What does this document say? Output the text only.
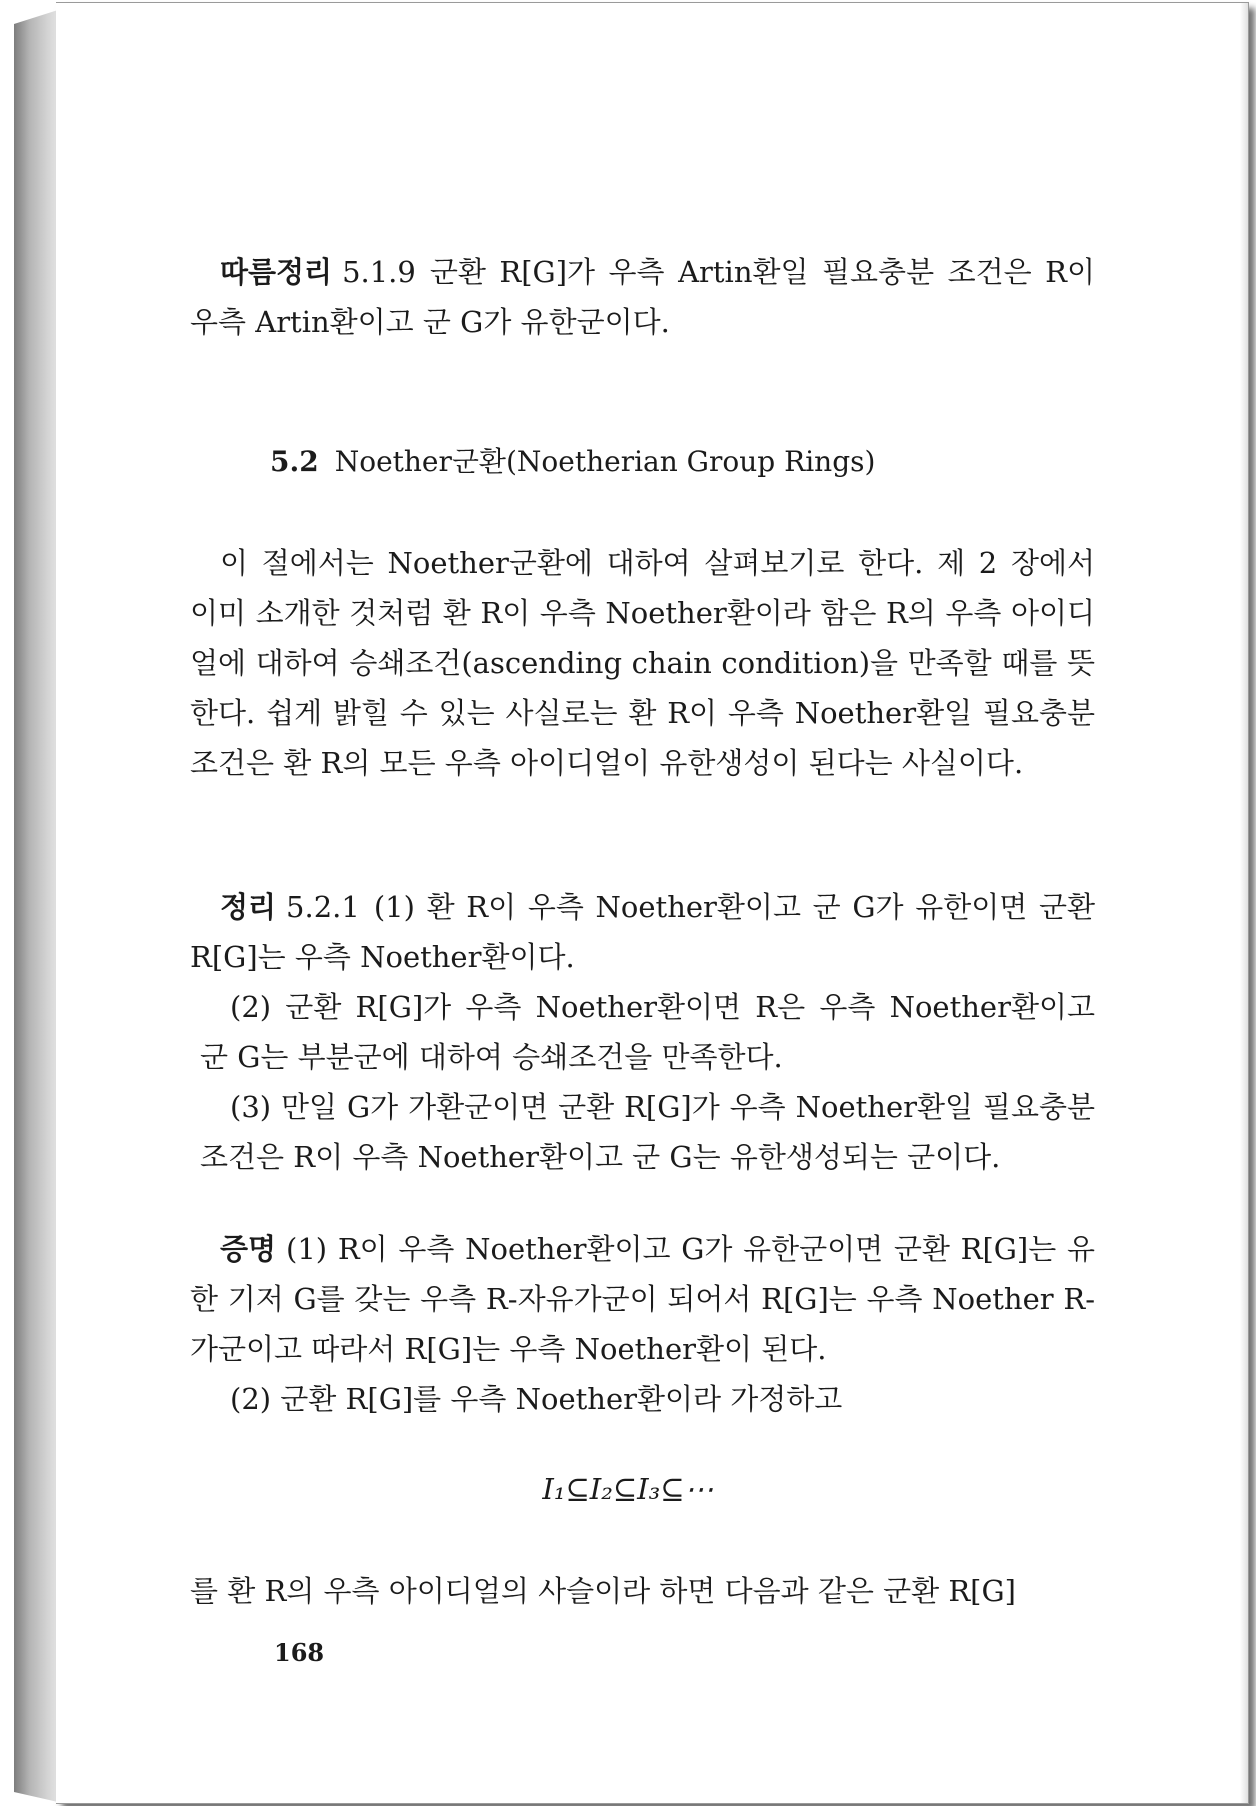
따름정리 5.1.9 군환 R[G]가 우측 Artin환일 필요충분 조건은 R이 우측 Artin환이고 군 G가 유한군이다.

5.2 Noether군환(Noetherian Group Rings)

이 절에서는 Noether군환에 대하여 살펴보기로 한다. 제 2 장에서 이미 소개한 것처럼 환 R이 우측 Noether환이라 함은 R의 우측 아이디얼에 대하여 승쇄조건(ascending chain condition)을 만족할 때를 뜻한다. 쉽게 밝힐 수 있는 사실로는 환 R이 우측 Noether환일 필요충분 조건은 환 R의 모든 우측 아이디얼이 유한생성이 된다는 사실이다.

정리 5.2.1 (1) 환 R이 우측 Noether환이고 군 G가 유한이면 군환 R[G]는 우측 Noether환이다.

(2) 군환 R[G]가 우측 Noether환이면 R은 우측 Noether환이고 군 G는 부분군에 대하여 승쇄조건을 만족한다.

(3) 만일 G가 가환군이면 군환 R[G]가 우측 Noether환일 필요충분 조건은 R이 우측 Noether환이고 군 G는 유한생성되는 군이다.

증명 (1) R이 우측 Noether환이고 G가 유한군이면 군환 R[G]는 유한 기저 G를 갖는 우측 R-자유가군이 되어서 R[G]는 우측 Noether R-가군이고 따라서 R[G]는 우측 Noether환이 된다.

(2) 군환 R[G]를 우측 Noether환이라 가정하고

I₁⊆I₂⊆I₃⊆⋯

를 환 R의 우측 아이디얼의 사슬이라 하면 다음과 같은 군환 R[G]

168
